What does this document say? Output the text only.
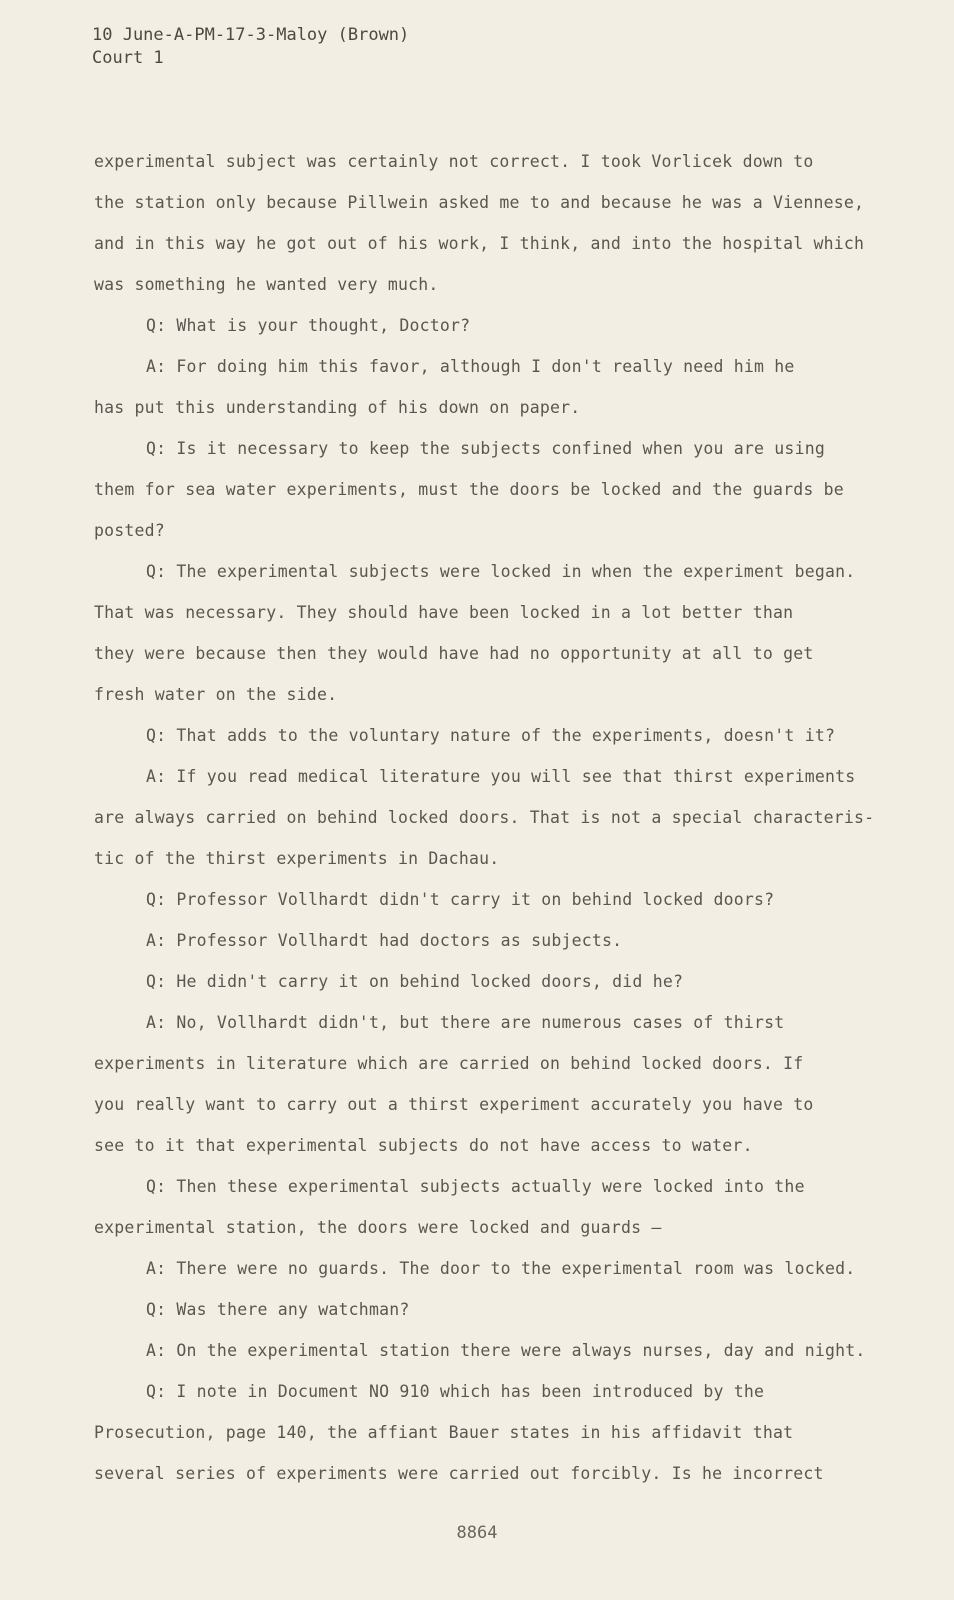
10 June-A-PM-17-3-Maloy (Brown)
Court 1
experimental subject was certainly not correct. I took Vorlicek down to
the station only because Pillwein asked me to and because he was a Viennese,
and in this way he got out of his work, I think, and into the hospital which
was something he wanted very much.
Q: What is your thought, Doctor?
A: For doing him this favor, although I don't really need him he
has put this understanding of his down on paper.
Q: Is it necessary to keep the subjects confined when you are using
them for sea water experiments, must the doors be locked and the guards be
posted?
Q: The experimental subjects were locked in when the experiment began.
That was necessary. They should have been locked in a lot better than
they were because then they would have had no opportunity at all to get
fresh water on the side.
Q: That adds to the voluntary nature of the experiments, doesn't it?
A: If you read medical literature you will see that thirst experiments
are always carried on behind locked doors. That is not a special characteris-
tic of the thirst experiments in Dachau.
Q: Professor Vollhardt didn't carry it on behind locked doors?
A: Professor Vollhardt had doctors as subjects.
Q: He didn't carry it on behind locked doors, did he?
A: No, Vollhardt didn't, but there are numerous cases of thirst
experiments in literature which are carried on behind locked doors. If
you really want to carry out a thirst experiment accurately you have to
see to it that experimental subjects do not have access to water.
Q: Then these experimental subjects actually were locked into the
experimental station, the doors were locked and guards —
A: There were no guards. The door to the experimental room was locked.
Q: Was there any watchman?
A: On the experimental station there were always nurses, day and night.
Q: I note in Document NO 910 which has been introduced by the
Prosecution, page 140, the affiant Bauer states in his affidavit that
several series of experiments were carried out forcibly. Is he incorrect
8864
